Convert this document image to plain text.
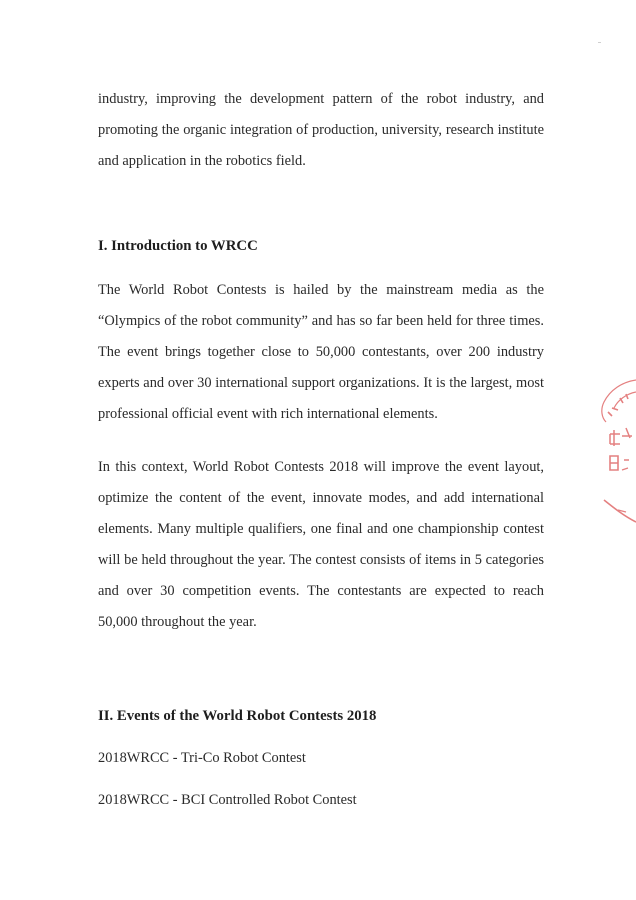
industry, improving the development pattern of the robot industry, and promoting the organic integration of production, university, research institute and application in the robotics field.

I. Introduction to WRCC

The World Robot Contests is hailed by the mainstream media as the “Olympics of the robot community” and has so far been held for three times. The event brings together close to 50,000 contestants, over 200 industry experts and over 30 international support organizations. It is the largest, most professional official event with rich international elements.

In this context, World Robot Contests 2018 will improve the event layout, optimize the content of the event, innovate modes, and add international elements. Many multiple qualifiers, one final and one championship contest will be held throughout the year. The contest consists of items in 5 categories and over 30 competition events. The contestants are expected to reach 50,000 throughout the year.

II. Events of the World Robot Contests 2018

2018WRCC - Tri-Co Robot Contest

2018WRCC - BCI Controlled Robot Contest
